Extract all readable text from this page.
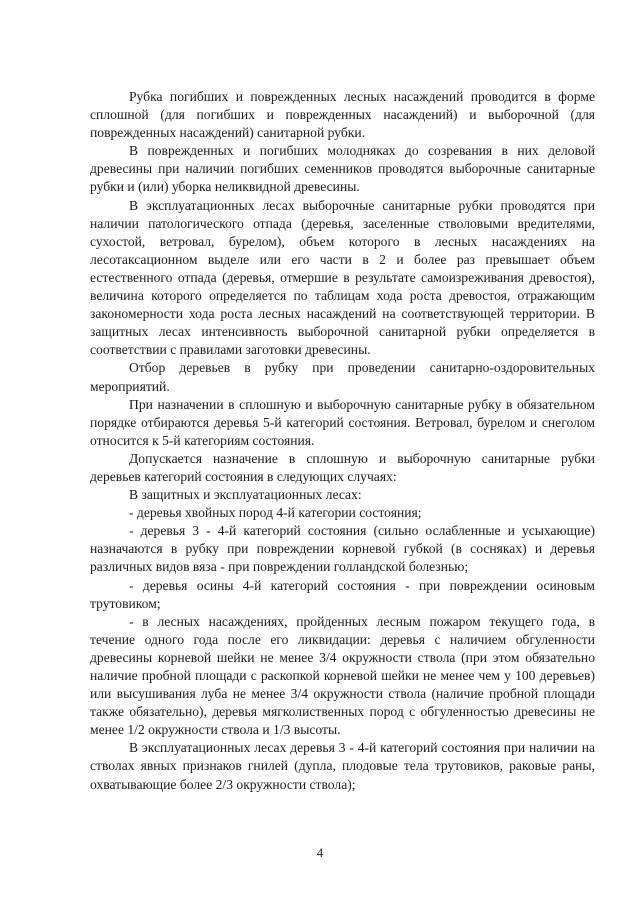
Рубка погибших и поврежденных лесных насаждений проводится в форме сплошной (для погибших и поврежденных насаждений) и выборочной (для поврежденных насаждений) санитарной рубки.

В поврежденных и погибших молодняках до созревания в них деловой древесины при наличии погибших семенников проводятся выборочные санитарные рубки и (или) уборка неликвидной древесины.

В эксплуатационных лесах выборочные санитарные рубки проводятся при наличии патологического отпада (деревья, заселенные стволовыми вредителями, сухостой, ветровал, бурелом), объем которого в лесных насаждениях на лесотаксационном выделе или его части в 2 и более раз превышает объем естественного отпада (деревья, отмершие в результате самоизреживания древостоя), величина которого определяется по таблицам хода роста древостоя, отражающим закономерности хода роста лесных насаждений на соответствующей территории. В защитных лесах интенсивность выборочной санитарной рубки определяется в соответствии с правилами заготовки древесины.

Отбор деревьев в рубку при проведении санитарно-оздоровительных мероприятий.

При назначении в сплошную и выборочную санитарные рубку в обязательном порядке отбираются деревья 5-й категорий состояния. Ветровал, бурелом и снеголом относится к 5-й категориям состояния.

Допускается назначение в сплошную и выборочную санитарные рубки деревьев категорий состояния в следующих случаях:

В защитных и эксплуатационных лесах:

- деревья хвойных пород 4-й категории состояния;

- деревья 3 - 4-й категорий состояния (сильно ослабленные и усыхающие) назначаются в рубку при повреждении корневой губкой (в сосняках) и деревья различных видов вяза - при повреждении голландской болезнью;

- деревья осины 4-й категорий состояния - при повреждении осиновым трутовиком;

- в лесных насаждениях, пройденных лесным пожаром текущего года, в течение одного года после его ликвидации: деревья с наличием обгуленности древесины корневой шейки не менее 3/4 окружности ствола (при этом обязательно наличие пробной площади с раскопкой корневой шейки не менее чем у 100 деревьев) или высушивания луба не менее 3/4 окружности ствола (наличие пробной площади также обязательно), деревья мягколиственных пород с обгуленностью древесины не менее 1/2 окружности ствола и 1/3 высоты.

В эксплуатационных лесах деревья 3 - 4-й категорий состояния при наличии на стволах явных признаков гнилей (дупла, плодовые тела трутовиков, раковые раны, охватывающие более 2/3 окружности ствола);

4
